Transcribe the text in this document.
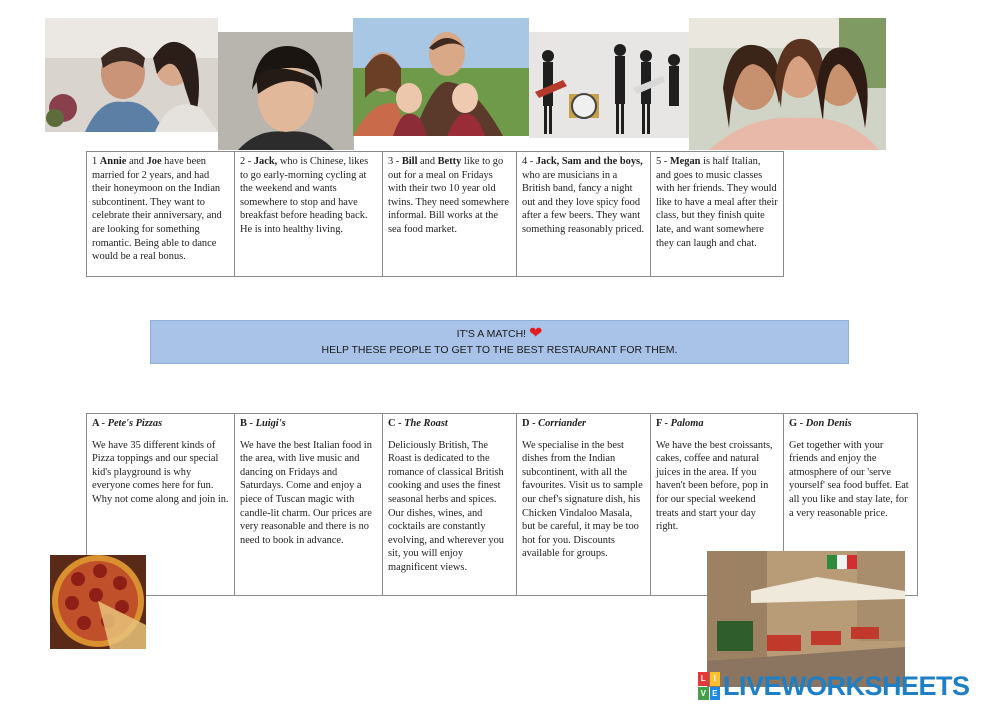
1 Annie and Joe have been married for 2 years, and had their honeymoon on the Indian subcontinent. They want to celebrate their anniversary, and are looking for something romantic. Being able to dance would be a real bonus.	2 - Jack, who is Chinese, likes to go early-morning cycling at the weekend and wants somewhere to stop and have breakfast before heading back. He is into healthy living.	3 - Bill and Betty like to go out for a meal on Fridays with their two 10 year old twins. They need somewhere informal. Bill works at the sea food market.	4 - Jack, Sam and the boys, who are musicians in a British band, fancy a night out and they love spicy food after a few beers. They want something reasonably priced.	5 - Megan is half Italian, and goes to music classes with her friends. They would like to have a meal after their class, but they finish quite late, and want somewhere they can laugh and chat.
IT'S A MATCH! ❤
HELP THESE PEOPLE TO GET TO THE BEST RESTAURANT FOR THEM.
A - Pete's Pizzas
We have 35 different kinds of Pizza toppings and our special kid's playground is why everyone comes here for fun. Why not come along and join in.	
B - Luigi's
We have the best Italian food in the area, with live music and dancing on Fridays and Saturdays. Come and enjoy a piece of Tuscan magic with candle-lit charm. Our prices are very reasonable and there is no need to book in advance.	
C - The Roast
Deliciously British, The Roast is dedicated to the romance of classical British cooking and uses the finest seasonal herbs and spices. Our dishes, wines, and cocktails are constantly evolving, and wherever you sit, you will enjoy magnificent views.	
D - Corriander
We specialise in the best dishes from the Indian subcontinent, with all the favourites. Visit us to sample our chef's signature dish, his Chicken Vindaloo Masala, but be careful, it may be too hot for you. Discounts available for groups.	
F - Paloma
We have the best croissants, cakes, coffee and natural juices in the area. If you haven't been before, pop in for our special weekend treats and start your day right.	
G - Don Denis
Get together with your friends and enjoy the atmosphere of our 'serve yourself' sea food buffet. Eat all you like and stay late, for a very reasonable price.
L I
V E LIVEWORKSHEETS
